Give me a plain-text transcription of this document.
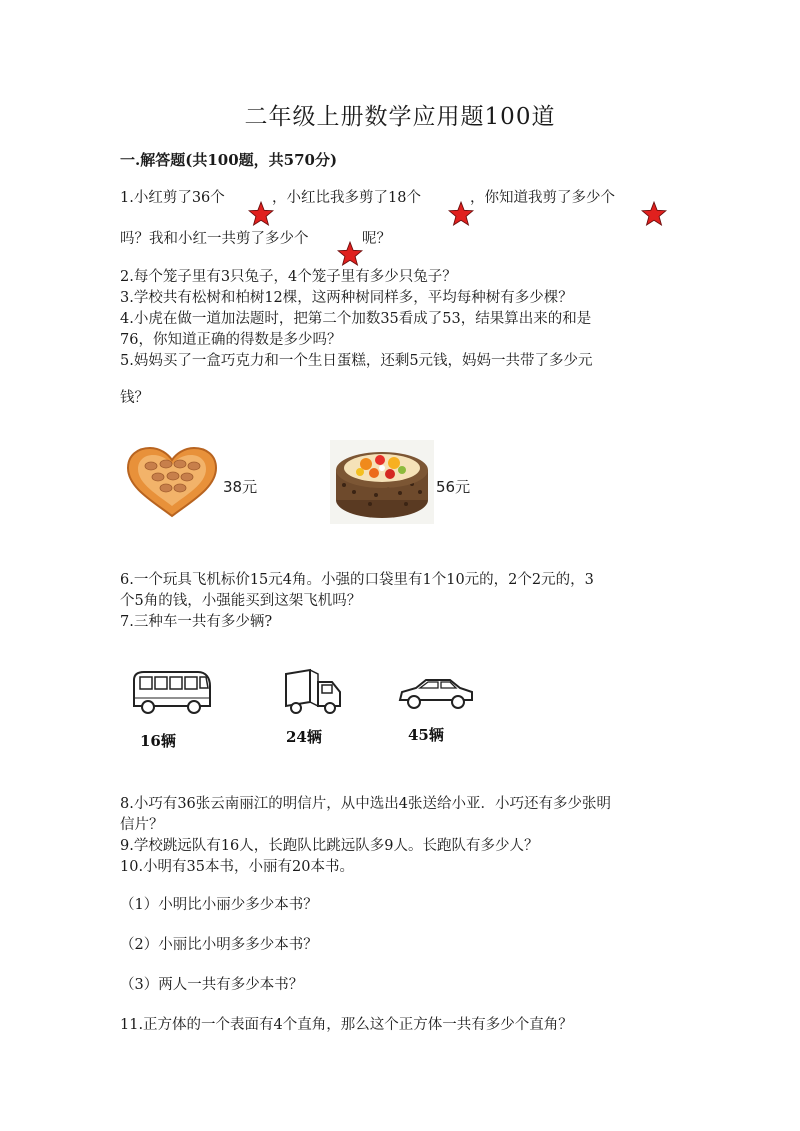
二年级上册数学应用题100道
一.解答题(共100题，共570分)
1.小红剪了36个	，小红比我多剪了18个	，你知道我剪了多少个
吗？我和小红一共剪了多少个	呢？
2.每个笼子里有3只兔子，4个笼子里有多少只兔子？
3.学校共有松树和柏树12棵，这两种树同样多，平均每种树有多少棵？
4.小虎在做一道加法题时，把第二个加数35看成了53，结果算出来的和是
76，你知道正确的得数是多少吗？
5.妈妈买了一盒巧克力和一个生日蛋糕，还剩5元钱，妈妈一共带了多少元
钱？
38元	56元
6.一个玩具飞机标价15元4角。小强的口袋里有1个10元的，2个2元的，3
个5角的钱，小强能买到这架飞机吗？
7.三种车一共有多少辆?
16辆	24辆	45辆
8.小巧有36张云南丽江的明信片，从中选出4张送给小亚．小巧还有多少张明
信片？
9.学校跳远队有16人，长跑队比跳远队多9人。长跑队有多少人？
10.小明有35本书，小丽有20本书。
（1）小明比小丽少多少本书？
（2）小丽比小明多多少本书？
（3）两人一共有多少本书？
11.正方体的一个表面有4个直角，那么这个正方体一共有多少个直角？
